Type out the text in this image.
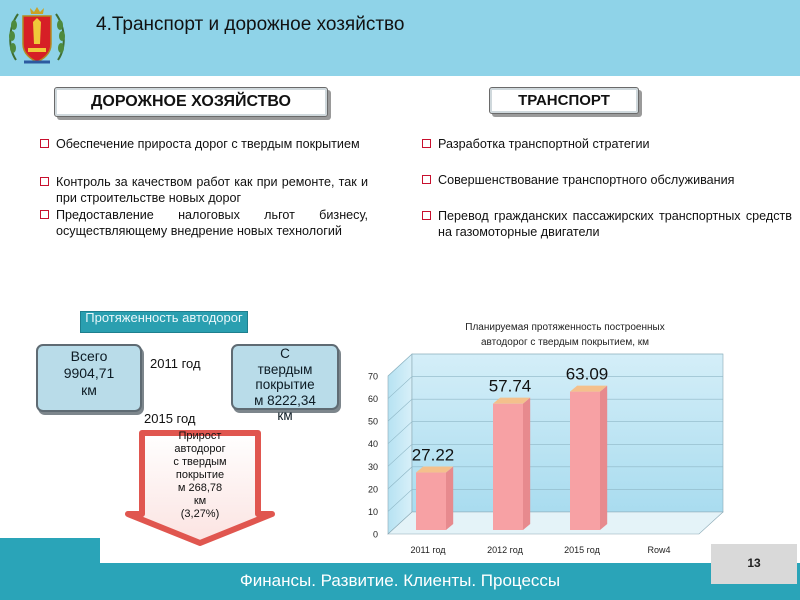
4.Транспорт и дорожное хозяйство
ДОРОЖНОЕ ХОЗЯЙСТВО	ТРАНСПОРТ
Обеспечение прироста дорог с твердым покрытием
Контроль за качеством работ как при ремонте, так и при строительстве новых дорог
Предоставление налоговых льгот бизнесу, осуществляющему внедрение новых технологий
Разработка транспортной стратегии
Совершенствование транспортного обслуживания
Перевод гражданских пассажирских транспортных средств на газомоторные двигатели
Протяженность автодорог
Всего
9904,71
км
2011 год
С
твердым
покрытие
м 8222,34
км
2015 год
Прирост
автодорог
с твердым
покрытие
м 268,78
км
(3,27%)
Планируемая протяженность построенных
автодорог с твердым покрытием, км
0
10
20
30
40
50
60
70
27.22
57.74
63.09
2011 год	2012 год	2015 год	Row4
Финансы. Развитие. Клиенты. Процессы
13
